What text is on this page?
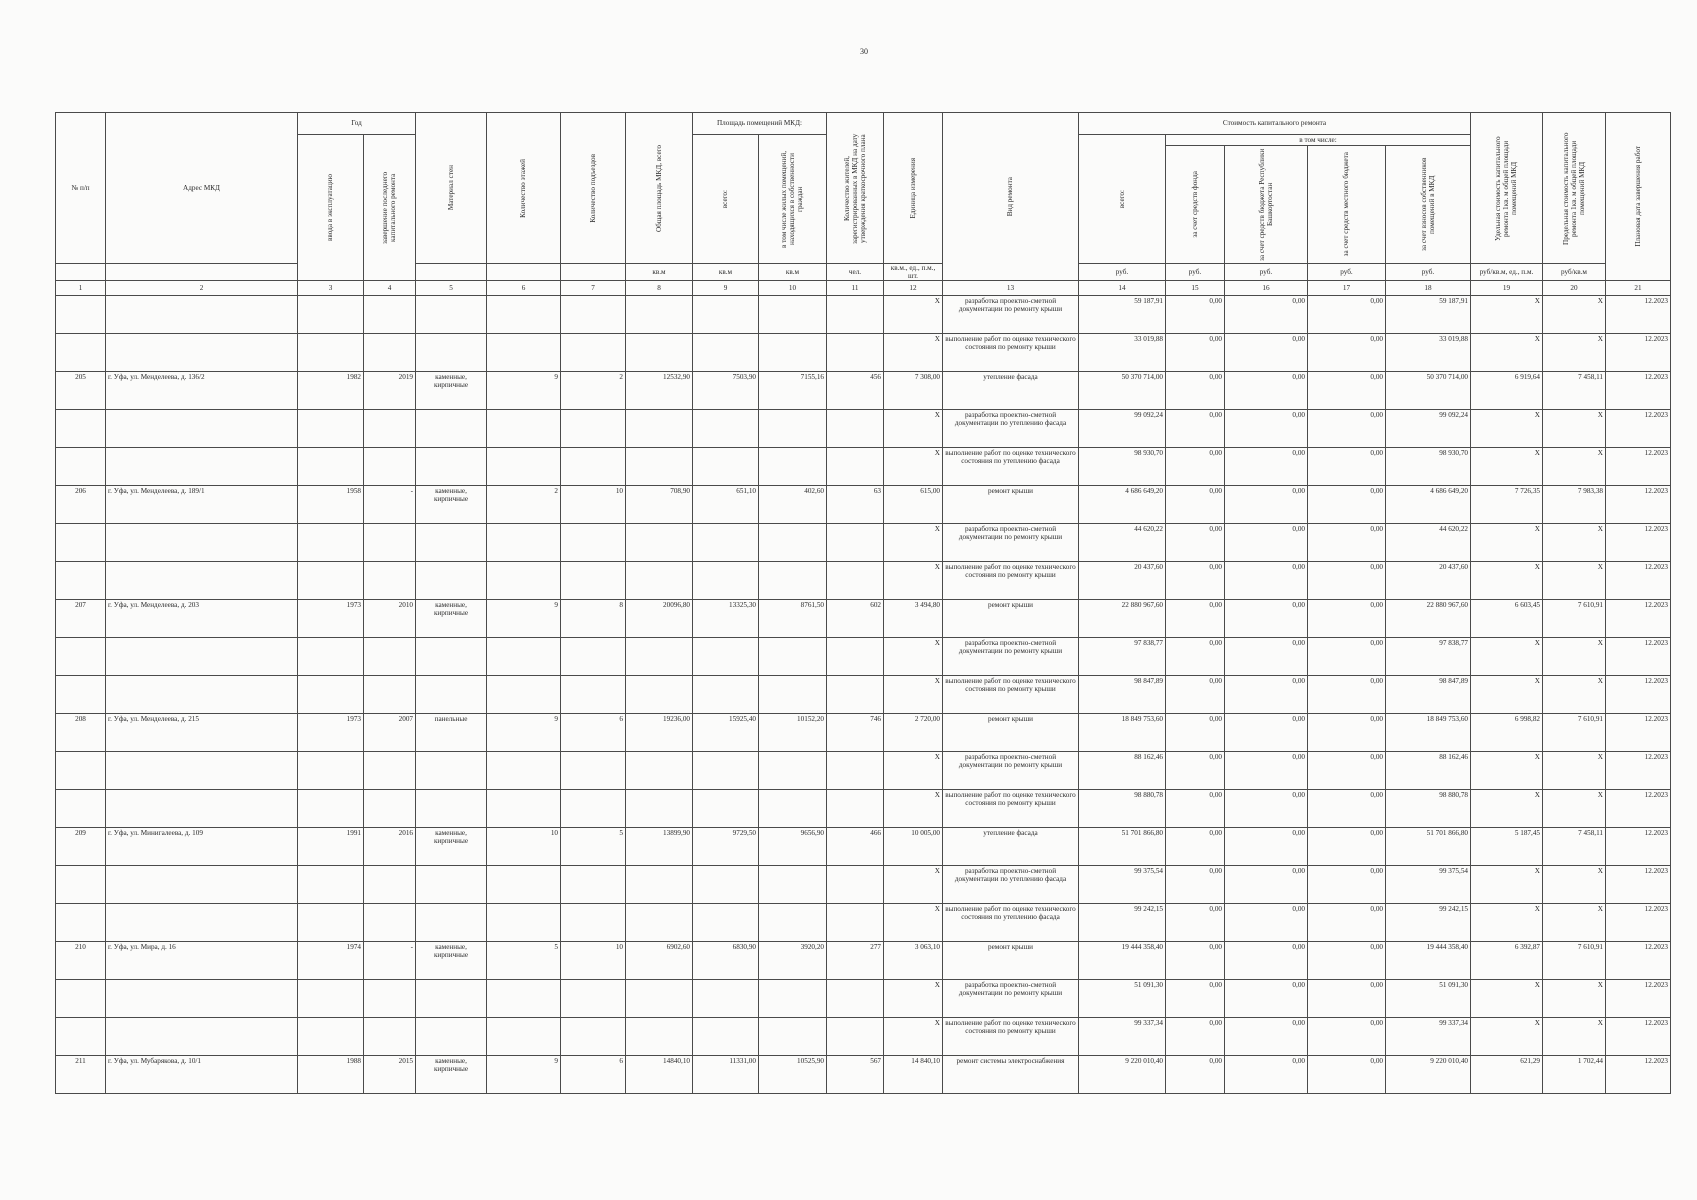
30
№ п/п	Адрес МКД	Год		Материал стен	Количество этажей	Количество подъездов	Общая площадь МКД, всего	Площадь помещений МКД:		Количество жителей, зарегистрированных в МКД на дату утверждения краткосрочного плана	Единица измерения	Вид ремонта	Стоимость капитального ремонта					Удельная стоимость капитального ремонта 1кв. м общей площади помещений МКД	Предельная стоимость капитального ремонта 1кв. м общей площади помещений МКД	Плановая дата завершения работ

		ввода в эксплуатацию	завершение последнего капитального ремонта					всего:	в том числе жилых помещений, находящихся в собственности граждан				всего:	в том числе:						

														за счет средств фонда	за счет средств бюджета Республики Башкортостан	за счет средств местного бюджета	за счет взносов собственников помещений в МКД			

							кв.м	кв.м	кв.м	чел.	кв.м., ед., п.м., шт.		руб.	руб.	руб.	руб.	руб.	руб/кв.м, ед., п.м.	руб/кв.м	
1	2	3	4	5	6	7	8	9	10	11	12	13	14	15	16	17	18	19	20	21
											X	разработка проектно-сметной документации по ремонту крыши	59 187,91	0,00	0,00	0,00	59 187,91	X	X	12.2023
											X	выполнение работ по оценке технического состояния по ремонту крыши	33 019,88	0,00	0,00	0,00	33 019,88	X	X	12.2023
205	г. Уфа, ул. Менделеева, д. 136/2	1982	2019	каменные, кирпичные	9	2	12532,90	7503,90	7155,16	456	7 308,00	утепление фасада	50 370 714,00	0,00	0,00	0,00	50 370 714,00	6 919,64	7 458,11	12.2023
											X	разработка проектно-сметной документации по утеплению фасада	99 092,24	0,00	0,00	0,00	99 092,24	X	X	12.2023
											X	выполнение работ по оценке технического состояния по утеплению фасада	98 930,70	0,00	0,00	0,00	98 930,70	X	X	12.2023
206	г. Уфа, ул. Менделеева, д. 189/1	1958	-	каменные, кирпичные	2	10	708,90	651,10	402,60	63	615,00	ремонт крыши	4 686 649,20	0,00	0,00	0,00	4 686 649,20	7 726,35	7 983,38	12.2023
											X	разработка проектно-сметной документации по ремонту крыши	44 620,22	0,00	0,00	0,00	44 620,22	X	X	12.2023
											X	выполнение работ по оценке технического состояния по ремонту крыши	20 437,60	0,00	0,00	0,00	20 437,60	X	X	12.2023
207	г. Уфа, ул. Менделеева, д. 203	1973	2010	каменные, кирпичные	9	8	20096,80	13325,30	8761,50	602	3 494,80	ремонт крыши	22 880 967,60	0,00	0,00	0,00	22 880 967,60	6 603,45	7 610,91	12.2023
											X	разработка проектно-сметной документации по ремонту крыши	97 838,77	0,00	0,00	0,00	97 838,77	X	X	12.2023
											X	выполнение работ по оценке технического состояния по ремонту крыши	98 847,89	0,00	0,00	0,00	98 847,89	X	X	12.2023
208	г. Уфа, ул. Менделеева, д. 215	1973	2007	панельные	9	6	19236,00	15925,40	10152,20	746	2 720,00	ремонт крыши	18 849 753,60	0,00	0,00	0,00	18 849 753,60	6 998,82	7 610,91	12.2023
											X	разработка проектно-сметной документации по ремонту крыши	88 162,46	0,00	0,00	0,00	88 162,46	X	X	12.2023
											X	выполнение работ по оценке технического состояния по ремонту крыши	98 880,78	0,00	0,00	0,00	98 880,78	X	X	12.2023
209	г. Уфа, ул. Минигалеева, д. 109	1991	2016	каменные, кирпичные	10	5	13899,90	9729,50	9656,90	466	10 005,00	утепление фасада	51 701 866,80	0,00	0,00	0,00	51 701 866,80	5 187,45	7 458,11	12.2023
											X	разработка проектно-сметной документации по утеплению фасада	99 375,54	0,00	0,00	0,00	99 375,54	X	X	12.2023
											X	выполнение работ по оценке технического состояния по утеплению фасада	99 242,15	0,00	0,00	0,00	99 242,15	X	X	12.2023
210	г. Уфа, ул. Мира, д. 16	1974	-	каменные, кирпичные	5	10	6902,60	6830,90	3920,20	277	3 063,10	ремонт крыши	19 444 358,40	0,00	0,00	0,00	19 444 358,40	6 392,87	7 610,91	12.2023
											X	разработка проектно-сметной документации по ремонту крыши	51 091,30	0,00	0,00	0,00	51 091,30	X	X	12.2023
											X	выполнение работ по оценке технического состояния по ремонту крыши	99 337,34	0,00	0,00	0,00	99 337,34	X	X	12.2023
211	г. Уфа, ул. Мубарякова, д. 10/1	1988	2015	каменные, кирпичные	9	6	14840,10	11331,00	10525,90	567	14 840,10	ремонт системы электроснабжения	9 220 010,40	0,00	0,00	0,00	9 220 010,40	621,29	1 702,44	12.2023
